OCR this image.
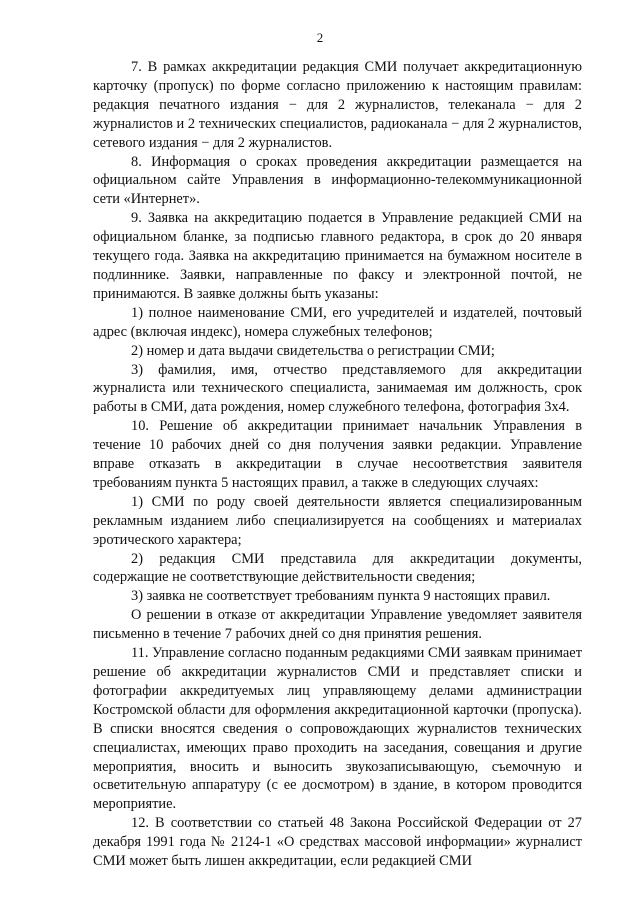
2

7. В рамках аккредитации редакция СМИ получает аккредитационную карточку (пропуск) по форме согласно приложению к настоящим правилам: редакция печатного издания − для 2 журналистов, телеканала − для 2 журналистов и 2 технических специалистов, радиоканала − для 2 журналистов, сетевого издания − для 2 журналистов.

8. Информация о сроках проведения аккредитации размещается на официальном сайте Управления в информационно-телекоммуникационной сети «Интернет».

9. Заявка на аккредитацию подается в Управление редакцией СМИ на официальном бланке, за подписью главного редактора, в срок до 20 января текущего года. Заявка на аккредитацию принимается на бумажном носителе в подлиннике. Заявки, направленные по факсу и электронной почтой, не принимаются. В заявке должны быть указаны:

1) полное наименование СМИ, его учредителей и издателей, почтовый адрес (включая индекс), номера служебных телефонов;

2) номер и дата выдачи свидетельства о регистрации СМИ;

3) фамилия, имя, отчество представляемого для аккредитации журналиста или технического специалиста, занимаемая им должность, срок работы в СМИ, дата рождения, номер служебного телефона, фотография 3х4.

10. Решение об аккредитации принимает начальник Управления в течение 10 рабочих дней со дня получения заявки редакции. Управление вправе отказать в аккредитации в случае несоответствия заявителя требованиям пункта 5 настоящих правил, а также в следующих случаях:

1) СМИ по роду своей деятельности является специализированным рекламным изданием либо специализируется на сообщениях и материалах эротического характера;

2) редакция СМИ представила для аккредитации документы, содержащие не соответствующие действительности сведения;

3) заявка не соответствует требованиям пункта 9 настоящих правил.

О решении в отказе от аккредитации Управление уведомляет заявителя письменно в течение 7 рабочих дней со дня принятия решения.

11. Управление согласно поданным редакциями СМИ заявкам принимает решение об аккредитации журналистов СМИ и представляет списки и фотографии аккредитуемых лиц управляющему делами администрации Костромской области для оформления аккредитационной карточки (пропуска). В списки вносятся сведения о сопровождающих журналистов технических специалистах, имеющих право проходить на заседания, совещания и другие мероприятия, вносить и выносить звукозаписывающую, съемочную и осветительную аппаратуру (с ее досмотром) в здание, в котором проводится мероприятие.

12. В соответствии со статьей 48 Закона Российской Федерации от 27 декабря 1991 года № 2124-1 «О средствах массовой информации» журналист СМИ может быть лишен аккредитации, если редакцией СМИ
